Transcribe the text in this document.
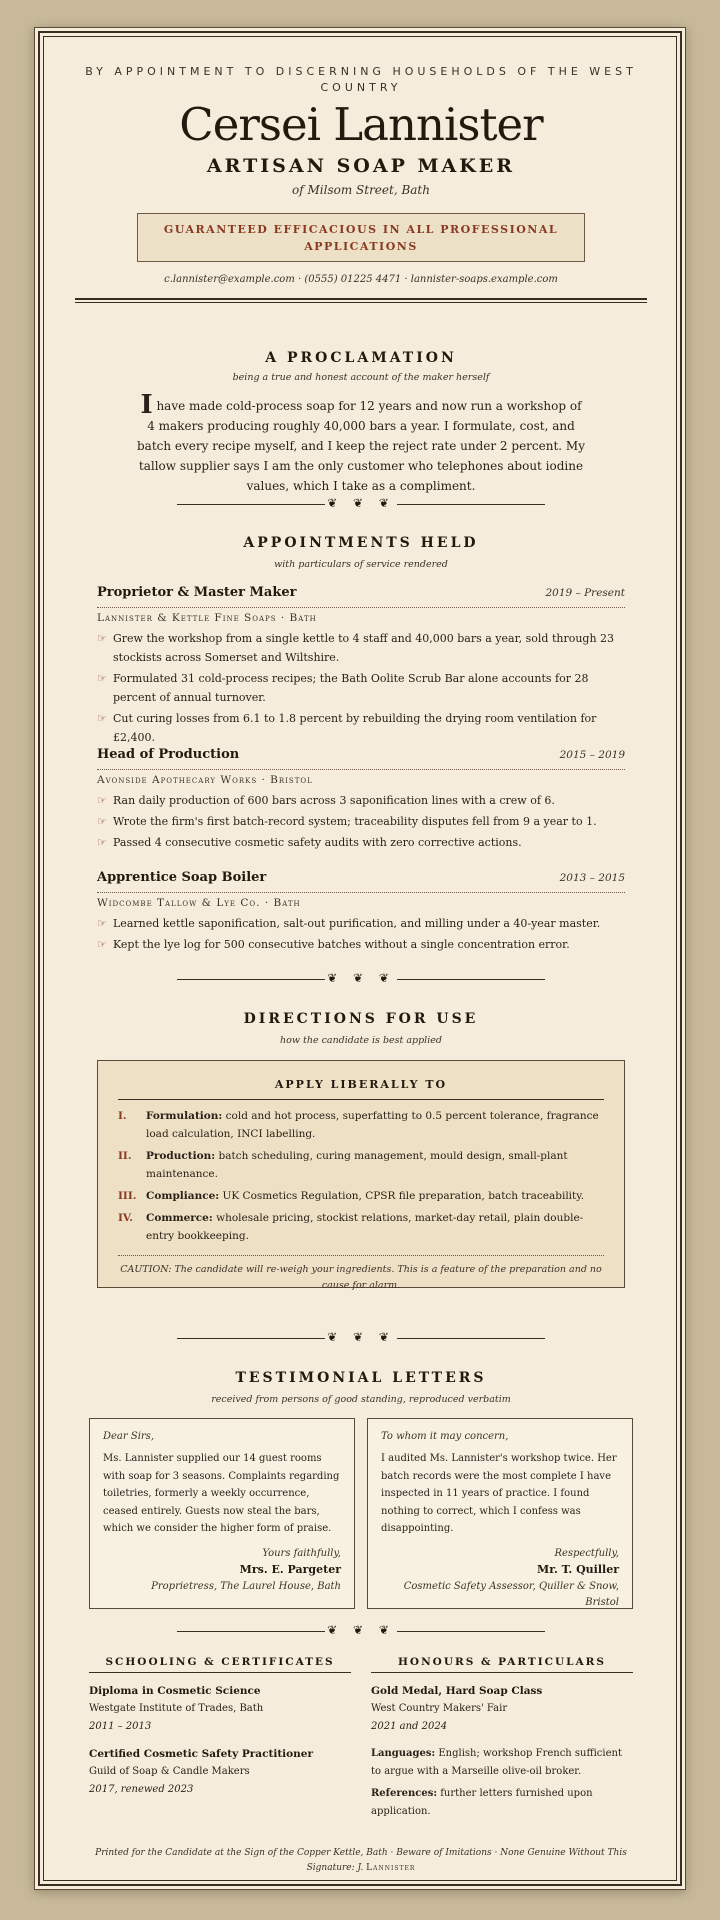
BY APPOINTMENT TO DISCERNING HOUSEHOLDS OF THE WEST COUNTRY
Cersei Lannister
ARTISAN SOAP MAKER
of Milsom Street, Bath
GUARANTEED EFFICACIOUS IN ALL PROFESSIONAL APPLICATIONS
c.lannister@example.com · (0555) 01225 4471 · lannister-soaps.example.com
A PROCLAMATION
being a true and honest account of the maker herself
I have made cold-process soap for 12 years and now run a workshop of 4 makers producing roughly 40,000 bars a year. I formulate, cost, and batch every recipe myself, and I keep the reject rate under 2 percent. My tallow supplier says I am the only customer who telephones about iodine values, which I take as a compliment.
❦ ❦ ❦
APPOINTMENTS HELD
with particulars of service rendered
Proprietor & Master Maker	2019 – Present
Lannister & Kettle Fine Soaps · Bath
☞ Grew the workshop from a single kettle to 4 staff and 40,000 bars a year, sold through 23 stockists across Somerset and Wiltshire.
☞ Formulated 31 cold-process recipes; the Bath Oolite Scrub Bar alone accounts for 28 percent of annual turnover.
☞ Cut curing losses from 6.1 to 1.8 percent by rebuilding the drying room ventilation for £2,400.
Head of Production	2015 – 2019
Avonside Apothecary Works · Bristol
☞ Ran daily production of 600 bars across 3 saponification lines with a crew of 6.
☞ Wrote the firm's first batch-record system; traceability disputes fell from 9 a year to 1.
☞ Passed 4 consecutive cosmetic safety audits with zero corrective actions.
Apprentice Soap Boiler	2013 – 2015
Widcombe Tallow & Lye Co. · Bath
☞ Learned kettle saponification, salt-out purification, and milling under a 40-year master.
☞ Kept the lye log for 500 consecutive batches without a single concentration error.
❦ ❦ ❦
DIRECTIONS FOR USE
how the candidate is best applied
APPLY LIBERALLY TO
I. Formulation: cold and hot process, superfatting to 0.5 percent tolerance, fragrance load calculation, INCI labelling.
II. Production: batch scheduling, curing management, mould design, small-plant maintenance.
III. Compliance: UK Cosmetics Regulation, CPSR file preparation, batch traceability.
IV. Commerce: wholesale pricing, stockist relations, market-day retail, plain double-entry bookkeeping.
CAUTION: The candidate will re-weigh your ingredients. This is a feature of the preparation and no cause for alarm.
❦ ❦ ❦
TESTIMONIAL LETTERS
received from persons of good standing, reproduced verbatim
Dear Sirs,
Ms. Lannister supplied our 14 guest rooms with soap for 3 seasons. Complaints regarding toiletries, formerly a weekly occurrence, ceased entirely. Guests now steal the bars, which we consider the higher form of praise.
Yours faithfully,
Mrs. E. Pargeter
Proprietress, The Laurel House, Bath
To whom it may concern,
I audited Ms. Lannister's workshop twice. Her batch records were the most complete I have inspected in 11 years of practice. I found nothing to correct, which I confess was disappointing.
Respectfully,
Mr. T. Quiller
Cosmetic Safety Assessor, Quiller & Snow, Bristol
❦ ❦ ❦
SCHOOLING & CERTIFICATES
Diploma in Cosmetic Science
Westgate Institute of Trades, Bath
2011 – 2013
Certified Cosmetic Safety Practitioner
Guild of Soap & Candle Makers
2017, renewed 2023
HONOURS & PARTICULARS
Gold Medal, Hard Soap Class
West Country Makers' Fair
2021 and 2024
Languages: English; workshop French sufficient to argue with a Marseille olive-oil broker.
References: further letters furnished upon application.
Printed for the Candidate at the Sign of the Copper Kettle, Bath · Beware of Imitations · None Genuine Without This
Signature: J. Lannister
